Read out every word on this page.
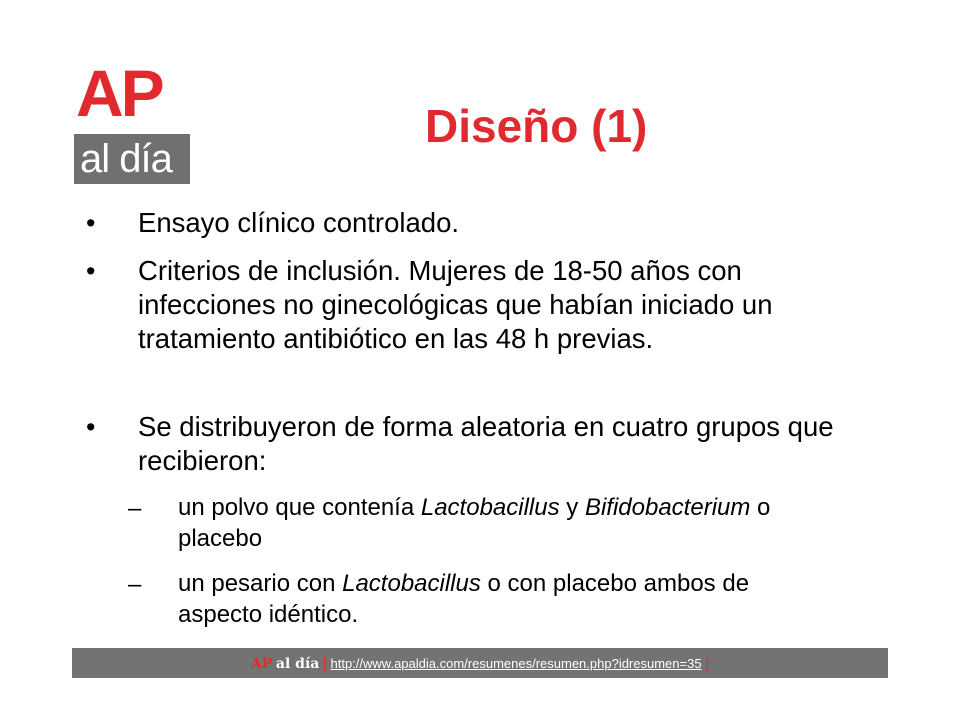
AP
al día
Diseño (1)
• Ensayo clínico controlado.
• Criterios de inclusión. Mujeres de 18-50 años con infecciones no ginecológicas que habían iniciado un tratamiento antibiótico en las 48 h previas.
• Se distribuyeron de forma aleatoria en cuatro grupos que recibieron:
– un polvo que contenía Lactobacillus y Bifidobacterium o placebo
– un pesario con Lactobacillus o con placebo ambos de aspecto idéntico.
AP al día [ http://www.apaldia.com/resumenes/resumen.php?idresumen=35 ]
